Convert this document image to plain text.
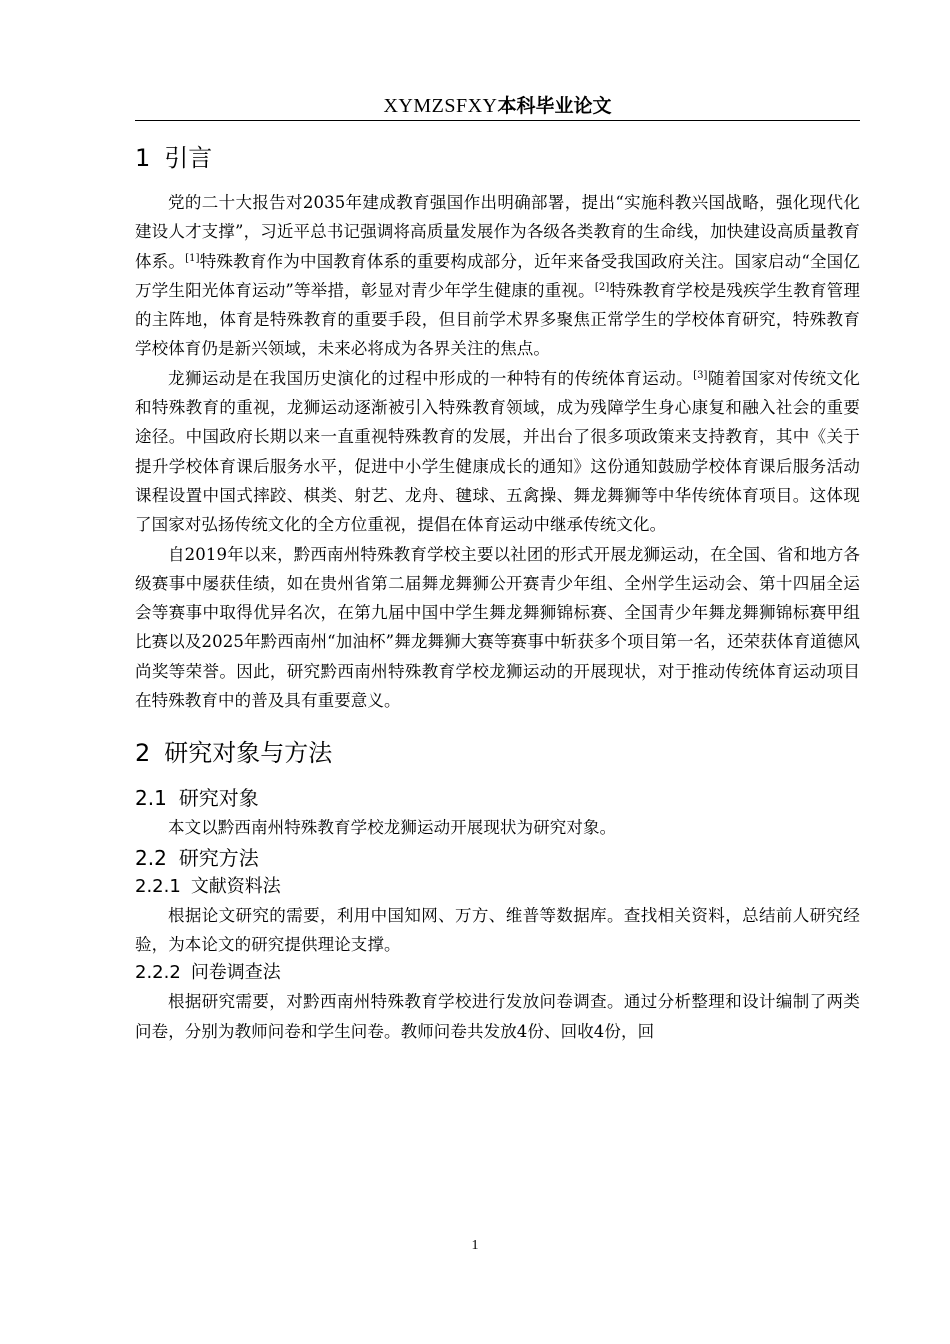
XYMZSFXY本科毕业论文
1 引言

党的二十大报告对2035年建成教育强国作出明确部署，提出“实施科教兴国战略，强化现代化建设人才支撑”，习近平总书记强调将高质量发展作为各级各类教育的生命线，加快建设高质量教育体系。[1]特殊教育作为中国教育体系的重要构成部分，近年来备受我国政府关注。国家启动“全国亿万学生阳光体育运动”等举措，彰显对青少年学生健康的重视。[2]特殊教育学校是残疾学生教育管理的主阵地，体育是特殊教育的重要手段，但目前学术界多聚焦正常学生的学校体育研究，特殊教育学校体育仍是新兴领域，未来必将成为各界关注的焦点。

龙狮运动是在我国历史演化的过程中形成的一种特有的传统体育运动。[3]随着国家对传统文化和特殊教育的重视，龙狮运动逐渐被引入特殊教育领域，成为残障学生身心康复和融入社会的重要途径。中国政府长期以来一直重视特殊教育的发展，并出台了很多项政策来支持教育，其中《关于提升学校体育课后服务水平，促进中小学生健康成长的通知》这份通知鼓励学校体育课后服务活动课程设置中国式摔跤、棋类、射艺、龙舟、毽球、五禽操、舞龙舞狮等中华传统体育项目。这体现了国家对弘扬传统文化的全方位重视，提倡在体育运动中继承传统文化。

自2019年以来，黔西南州特殊教育学校主要以社团的形式开展龙狮运动，在全国、省和地方各级赛事中屡获佳绩，如在贵州省第二届舞龙舞狮公开赛青少年组、全州学生运动会、第十四届全运会等赛事中取得优异名次，在第九届中国中学生舞龙舞狮锦标赛、全国青少年舞龙舞狮锦标赛甲组比赛以及2025年黔西南州“加油杯”舞龙舞狮大赛等赛事中斩获多个项目第一名，还荣获体育道德风尚奖等荣誉。因此，研究黔西南州特殊教育学校龙狮运动的开展现状，对于推动传统体育运动项目在特殊教育中的普及具有重要意义。

2 研究对象与方法
2.1 研究对象

本文以黔西南州特殊教育学校龙狮运动开展现状为研究对象。

2.2 研究方法
2.2.1 文献资料法

根据论文研究的需要，利用中国知网、万方、维普等数据库。查找相关资料，总结前人研究经验，为本论文的研究提供理论支撑。

2.2.2 问卷调查法

根据研究需要，对黔西南州特殊教育学校进行发放问卷调查。通过分析整理和设计编制了两类问卷，分别为教师问卷和学生问卷。教师问卷共发放4份、回收4份，回

1
